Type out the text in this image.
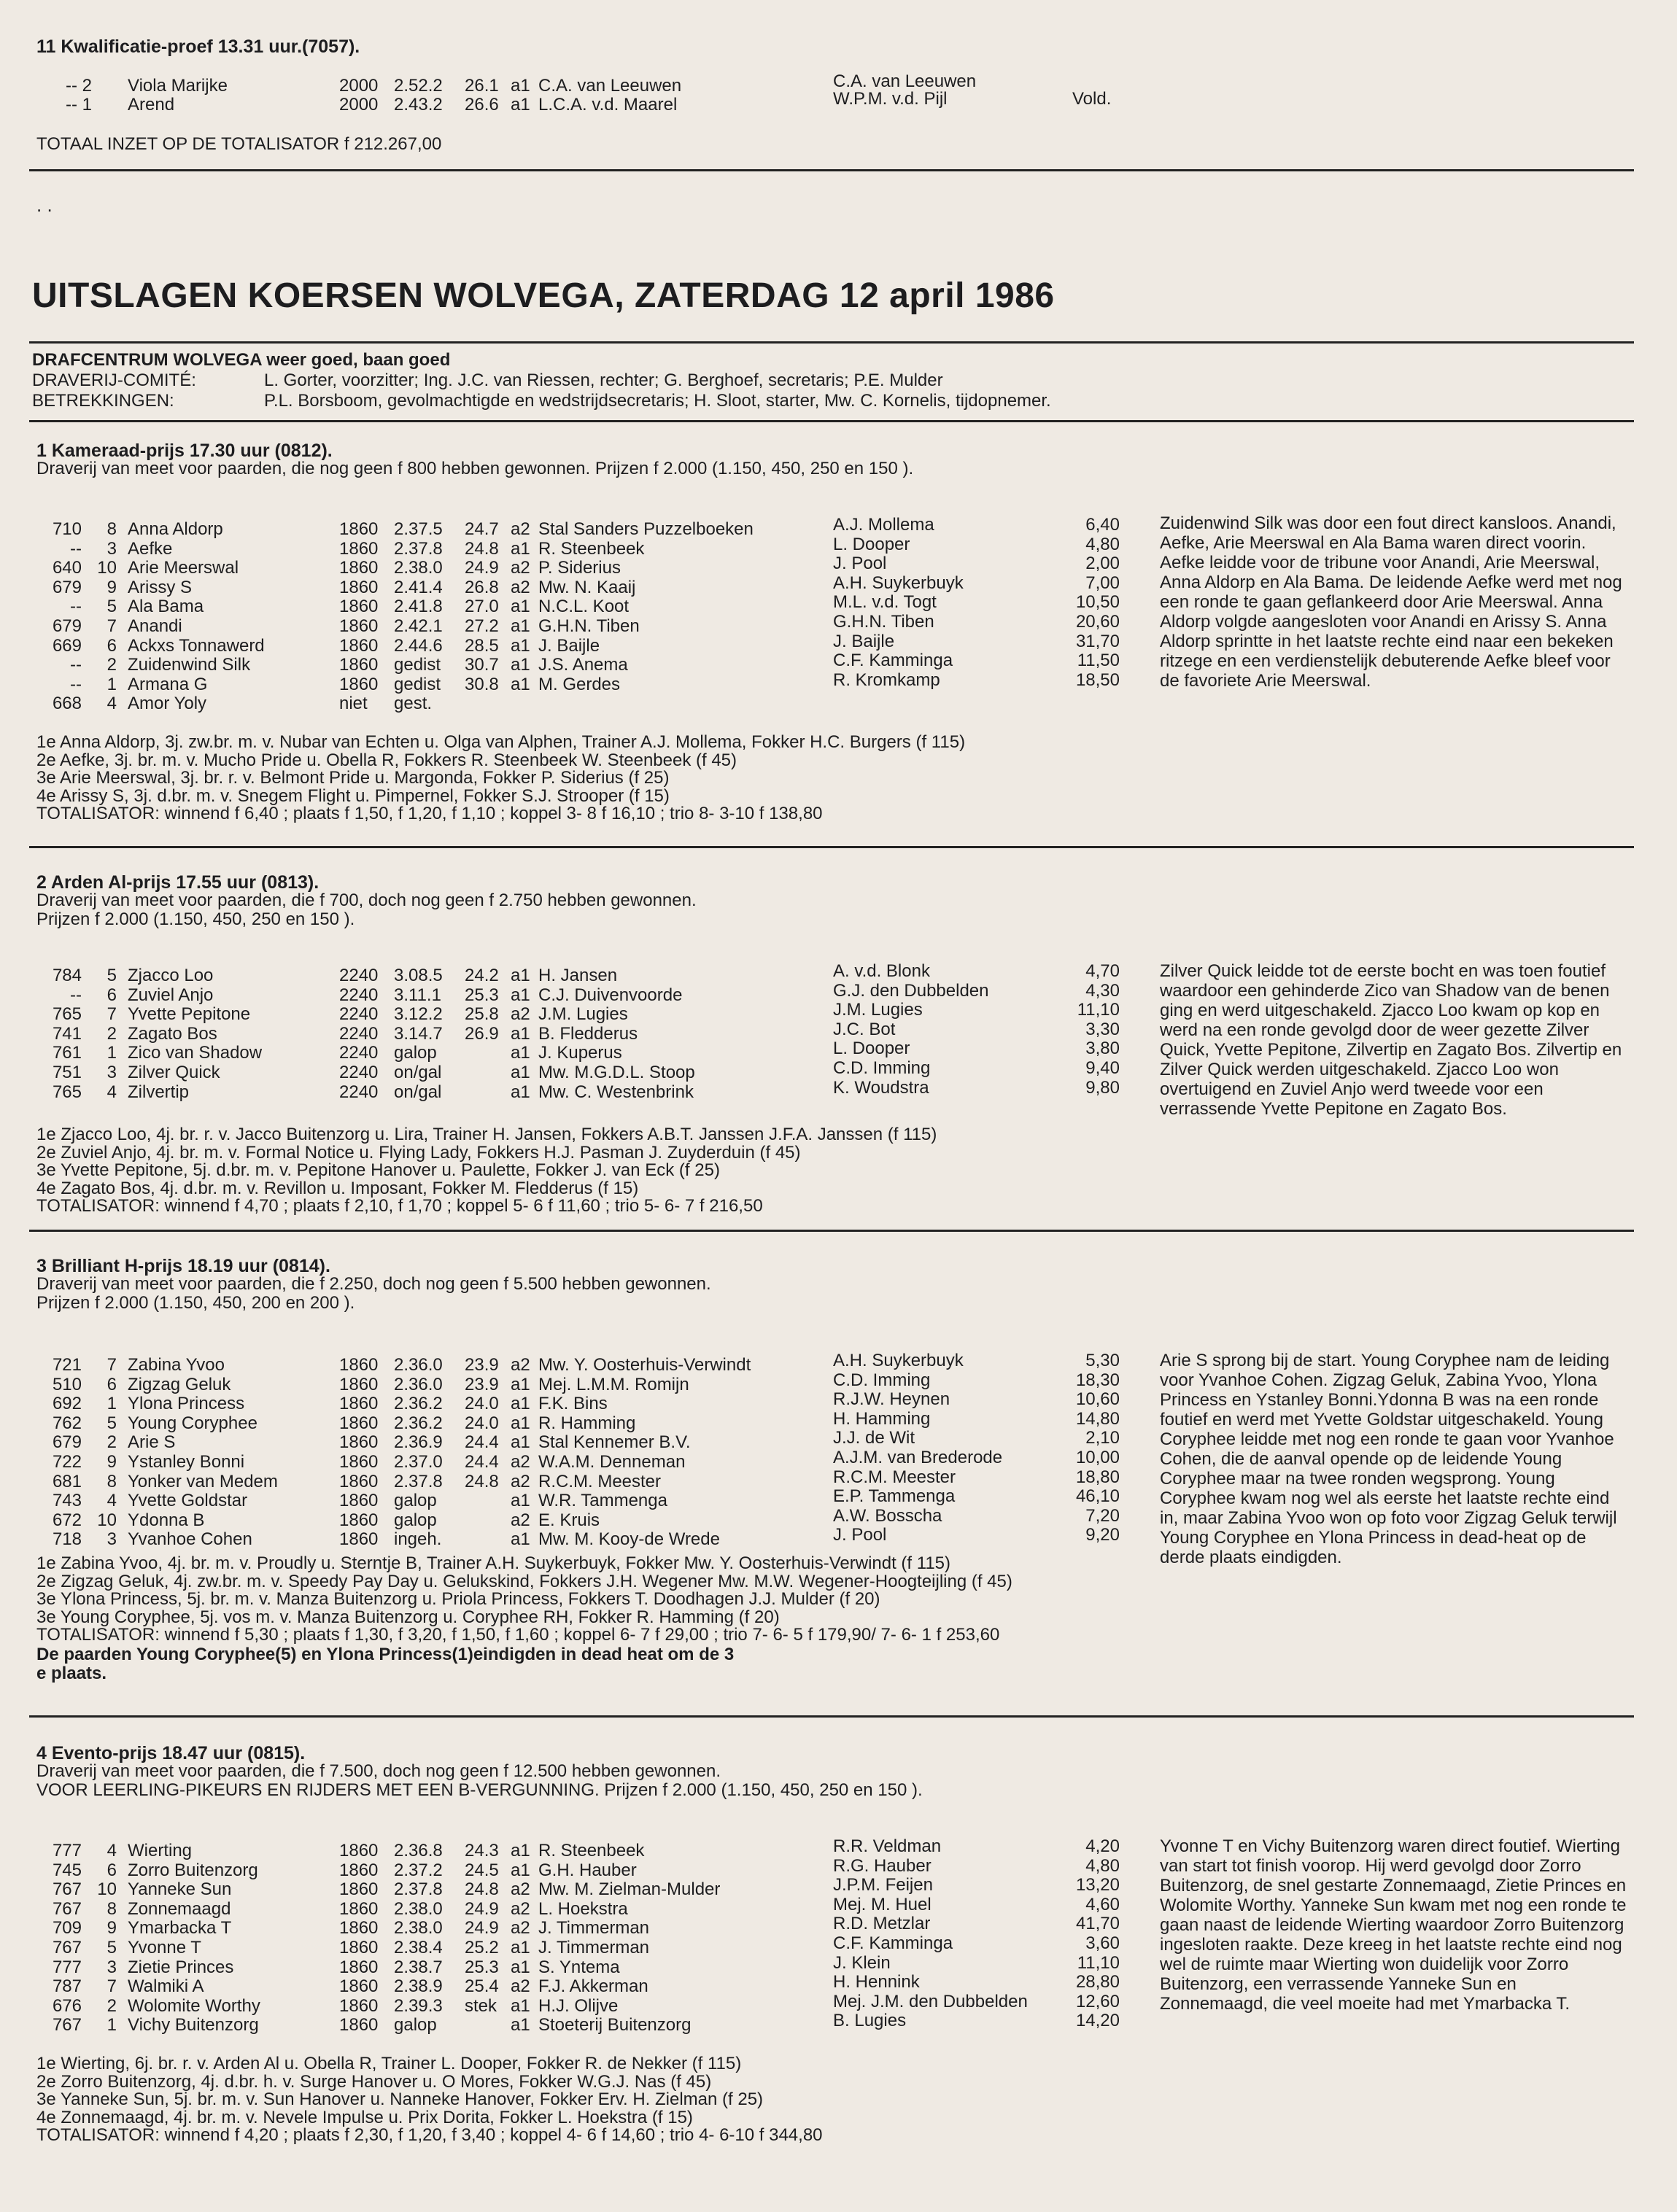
11 Kwalificatie-proef 13.31 uur.(7057).
-- 2 Viola Marijke	2000 2.52.2 26.1 a1 C.A. van Leeuwen	C.A. van Leeuwen
-- 1 Arend	2000 2.43.2 26.6 a1 L.C.A. v.d. Maarel	W.P.M. v.d. Pijl	Vold.
TOTAAL INZET OP DE TOTALISATOR f 212.267,00
. .
UITSLAGEN KOERSEN WOLVEGA, ZATERDAG 12 april 1986
DRAFCENTRUM WOLVEGA weer goed, baan goed
DRAVERIJ-COMITÉ:	L. Gorter, voorzitter; Ing. J.C. van Riessen, rechter; G. Berghoef, secretaris; P.E. Mulder
BETREKKINGEN:	P.L. Borsboom, gevolmachtigde en wedstrijdsecretaris; H. Sloot, starter, Mw. C. Kornelis, tijdopnemer.
1 Kameraad-prijs 17.30 uur (0812).
Draverij van meet voor paarden, die nog geen f 800 hebben gewonnen. Prijzen f 2.000 (1.150, 450, 250 en 150 ).
710	8 Anna Aldorp	1860 2.37.5 24.7 a2 Stal Sanders Puzzelboeken	A.J. Mollema	6,40
--	3 Aefke	1860 2.37.8 24.8 a1 R. Steenbeek	L. Dooper	4,80
640 10 Arie Meerswal	1860 2.38.0 24.9 a2 P. Siderius	J. Pool	2,00
679	9 Arissy S	1860 2.41.4 26.8 a2 Mw. N. Kaaij	A.H. Suykerbuyk	7,00
--	5 Ala Bama	1860 2.41.8 27.0 a1 N.C.L. Koot	M.L. v.d. Togt	10,50
679	7 Anandi	1860 2.42.1 27.2 a1 G.H.N. Tiben	G.H.N. Tiben	20,60
669	6 Ackxs Tonnawerd	1860 2.44.6 28.5 a1 J. Baijle	J. Baijle	31,70
--	2 Zuidenwind Silk	1860 gedist 30.7 a1 J.S. Anema	C.F. Kamminga	11,50
--	1 Armana G	1860 gedist 30.8 a1 M. Gerdes	R. Kromkamp	18,50
668	4 Amor Yoly	niet gest.
Zuidenwind Silk was door een fout direct kansloos. Anandi, Aefke, Arie Meerswal en Ala Bama waren direct voorin. Aefke leidde voor de tribune voor Anandi, Arie Meerswal, Anna Aldorp en Ala Bama. De leidende Aefke werd met nog een ronde te gaan geflankeerd door Arie Meerswal. Anna Aldorp volgde aangesloten voor Anandi en Arissy S. Anna Aldorp sprintte in het laatste rechte eind naar een bekeken ritzege en een verdienstelijk debuterende Aefke bleef voor de favoriete Arie Meerswal.
1e Anna Aldorp, 3j. zw.br. m. v. Nubar van Echten u. Olga van Alphen, Trainer A.J. Mollema, Fokker H.C. Burgers (f 115)
2e Aefke, 3j. br. m. v. Mucho Pride u. Obella R, Fokkers R. Steenbeek W. Steenbeek (f 45)
3e Arie Meerswal, 3j. br. r. v. Belmont Pride u. Margonda, Fokker P. Siderius (f 25)
4e Arissy S, 3j. d.br. m. v. Snegem Flight u. Pimpernel, Fokker S.J. Strooper (f 15)
TOTALISATOR: winnend f 6,40 ; plaats f 1,50, f 1,20, f 1,10 ; koppel 3- 8 f 16,10 ; trio 8- 3-10 f 138,80
2 Arden Al-prijs 17.55 uur (0813).
Draverij van meet voor paarden, die f 700, doch nog geen f 2.750 hebben gewonnen.
Prijzen f 2.000 (1.150, 450, 250 en 150 ).
784	5 Zjacco Loo	2240 3.08.5 24.2 a1 H. Jansen	A. v.d. Blonk	4,70
--	6 Zuviel Anjo	2240 3.11.1 25.3 a1 C.J. Duivenvoorde	G.J. den Dubbelden	4,30
765	7 Yvette Pepitone	2240 3.12.2 25.8 a2 J.M. Lugies	J.M. Lugies	11,10
741	2 Zagato Bos	2240 3.14.7 26.9 a1 B. Fledderus	J.C. Bot	3,30
761	1 Zico van Shadow	2240 galop	a1 J. Kuperus	L. Dooper	3,80
751	3 Zilver Quick	2240 on/gal	a1 Mw. M.G.D.L. Stoop	C.D. Imming	9,40
765	4 Zilvertip	2240 on/gal	a1 Mw. C. Westenbrink	K. Woudstra	9,80
Zilver Quick leidde tot de eerste bocht en was toen foutief waardoor een gehinderde Zico van Shadow van de benen ging en werd uitgeschakeld. Zjacco Loo kwam op kop en werd na een ronde gevolgd door de weer gezette Zilver Quick, Yvette Pepitone, Zilvertip en Zagato Bos. Zilvertip en Zilver Quick werden uitgeschakeld. Zjacco Loo won overtuigend en Zuviel Anjo werd tweede voor een verrassende Yvette Pepitone en Zagato Bos.
1e Zjacco Loo, 4j. br. r. v. Jacco Buitenzorg u. Lira, Trainer H. Jansen, Fokkers A.B.T. Janssen J.F.A. Janssen (f 115)
2e Zuviel Anjo, 4j. br. m. v. Formal Notice u. Flying Lady, Fokkers H.J. Pasman J. Zuyderduin (f 45)
3e Yvette Pepitone, 5j. d.br. m. v. Pepitone Hanover u. Paulette, Fokker J. van Eck (f 25)
4e Zagato Bos, 4j. d.br. m. v. Revillon u. Imposant, Fokker M. Fledderus (f 15)
TOTALISATOR: winnend f 4,70 ; plaats f 2,10, f 1,70 ; koppel 5- 6 f 11,60 ; trio 5- 6- 7 f 216,50
3 Brilliant H-prijs 18.19 uur (0814).
Draverij van meet voor paarden, die f 2.250, doch nog geen f 5.500 hebben gewonnen.
Prijzen f 2.000 (1.150, 450, 200 en 200 ).
721	7 Zabina Yvoo	1860 2.36.0 23.9 a2 Mw. Y. Oosterhuis-Verwindt	A.H. Suykerbuyk	5,30
510	6 Zigzag Geluk	1860 2.36.0 23.9 a1 Mej. L.M.M. Romijn	C.D. Imming	18,30
692	1 Ylona Princess	1860 2.36.2 24.0 a1 F.K. Bins	R.J.W. Heynen	10,60
762	5 Young Coryphee	1860 2.36.2 24.0 a1 R. Hamming	H. Hamming	14,80
679	2 Arie S	1860 2.36.9 24.4 a1 Stal Kennemer B.V.	J.J. de Wit	2,10
722	9 Ystanley Bonni	1860 2.37.0 24.4 a2 W.A.M. Denneman	A.J.M. van Brederode	10,00
681	8 Yonker van Medem	1860 2.37.8 24.8 a2 R.C.M. Meester	R.C.M. Meester	18,80
743	4 Yvette Goldstar	1860 galop	a1 W.R. Tammenga	E.P. Tammenga	46,10
672 10 Ydonna B	1860 galop	a2 E. Kruis	A.W. Bosscha	7,20
718	3 Yvanhoe Cohen	1860 ingeh.	a1 Mw. M. Kooy-de Wrede	J. Pool	9,20
Arie S sprong bij de start. Young Coryphee nam de leiding voor Yvanhoe Cohen. Zigzag Geluk, Zabina Yvoo, Ylona Princess en Ystanley Bonni.Ydonna B was na een ronde foutief en werd met Yvette Goldstar uitgeschakeld. Young Coryphee leidde met nog een ronde te gaan voor Yvanhoe Cohen, die de aanval opende op de leidende Young Coryphee maar na twee ronden wegsprong. Young Coryphee kwam nog wel als eerste het laatste rechte eind in, maar Zabina Yvoo won op foto voor Zigzag Geluk terwijl Young Coryphee en Ylona Princess in dead-heat op de derde plaats eindigden.
1e Zabina Yvoo, 4j. br. m. v. Proudly u. Sterntje B, Trainer A.H. Suykerbuyk, Fokker Mw. Y. Oosterhuis-Verwindt (f 115)
2e Zigzag Geluk, 4j. zw.br. m. v. Speedy Pay Day u. Gelukskind, Fokkers J.H. Wegener Mw. M.W. Wegener-Hoogteijling (f 45)
3e Ylona Princess, 5j. br. m. v. Manza Buitenzorg u. Priola Princess, Fokkers T. Doodhagen J.J. Mulder (f 20)
3e Young Coryphee, 5j. vos m. v. Manza Buitenzorg u. Coryphee RH, Fokker R. Hamming (f 20)
TOTALISATOR: winnend f 5,30 ; plaats f 1,30, f 3,20, f 1,50, f 1,60 ; koppel 6- 7 f 29,00 ; trio 7- 6- 5 f 179,90/ 7- 6- 1 f 253,60
De paarden Young Coryphee(5) en Ylona Princess(1)eindigden in dead heat om de 3
e plaats.
4 Evento-prijs 18.47 uur (0815).
Draverij van meet voor paarden, die f 7.500, doch nog geen f 12.500 hebben gewonnen.
VOOR LEERLING-PIKEURS EN RIJDERS MET EEN B-VERGUNNING. Prijzen f 2.000 (1.150, 450, 250 en 150 ).
777	4 Wierting	1860 2.36.8 24.3 a1 R. Steenbeek	R.R. Veldman	4,20
745	6 Zorro Buitenzorg	1860 2.37.2 24.5 a1 G.H. Hauber	R.G. Hauber	4,80
767 10 Yanneke Sun	1860 2.37.8 24.8 a2 Mw. M. Zielman-Mulder	J.P.M. Feijen	13,20
767	8 Zonnemaagd	1860 2.38.0 24.9 a2 L. Hoekstra	Mej. M. Huel	4,60
709	9 Ymarbacka T	1860 2.38.0 24.9 a2 J. Timmerman	R.D. Metzlar	41,70
767	5 Yvonne T	1860 2.38.4 25.2 a1 J. Timmerman	C.F. Kamminga	3,60
777	3 Zietie Princes	1860 2.38.7 25.3 a1 S. Yntema	J. Klein	11,10
787	7 Walmiki A	1860 2.38.9 25.4 a2 F.J. Akkerman	H. Hennink	28,80
676	2 Wolomite Worthy	1860 2.39.3 stek a1 H.J. Olijve	Mej. J.M. den Dubbelden	12,60
767	1 Vichy Buitenzorg	1860 galop	a1 Stoeterij Buitenzorg	B. Lugies	14,20
Yvonne T en Vichy Buitenzorg waren direct foutief. Wierting van start tot finish voorop. Hij werd gevolgd door Zorro Buitenzorg, de snel gestarte Zonnemaagd, Zietie Princes en Wolomite Worthy. Yanneke Sun kwam met nog een ronde te gaan naast de leidende Wierting waardoor Zorro Buitenzorg ingesloten raakte. Deze kreeg in het laatste rechte eind nog wel de ruimte maar Wierting won duidelijk voor Zorro Buitenzorg, een verrassende Yanneke Sun en Zonnemaagd, die veel moeite had met Ymarbacka T.
1e Wierting, 6j. br. r. v. Arden Al u. Obella R, Trainer L. Dooper, Fokker R. de Nekker (f 115)
2e Zorro Buitenzorg, 4j. d.br. h. v. Surge Hanover u. O Mores, Fokker W.G.J. Nas (f 45)
3e Yanneke Sun, 5j. br. m. v. Sun Hanover u. Nanneke Hanover, Fokker Erv. H. Zielman (f 25)
4e Zonnemaagd, 4j. br. m. v. Nevele Impulse u. Prix Dorita, Fokker L. Hoekstra (f 15)
TOTALISATOR: winnend f 4,20 ; plaats f 2,30, f 1,20, f 3,40 ; koppel 4- 6 f 14,60 ; trio 4- 6-10 f 344,80
